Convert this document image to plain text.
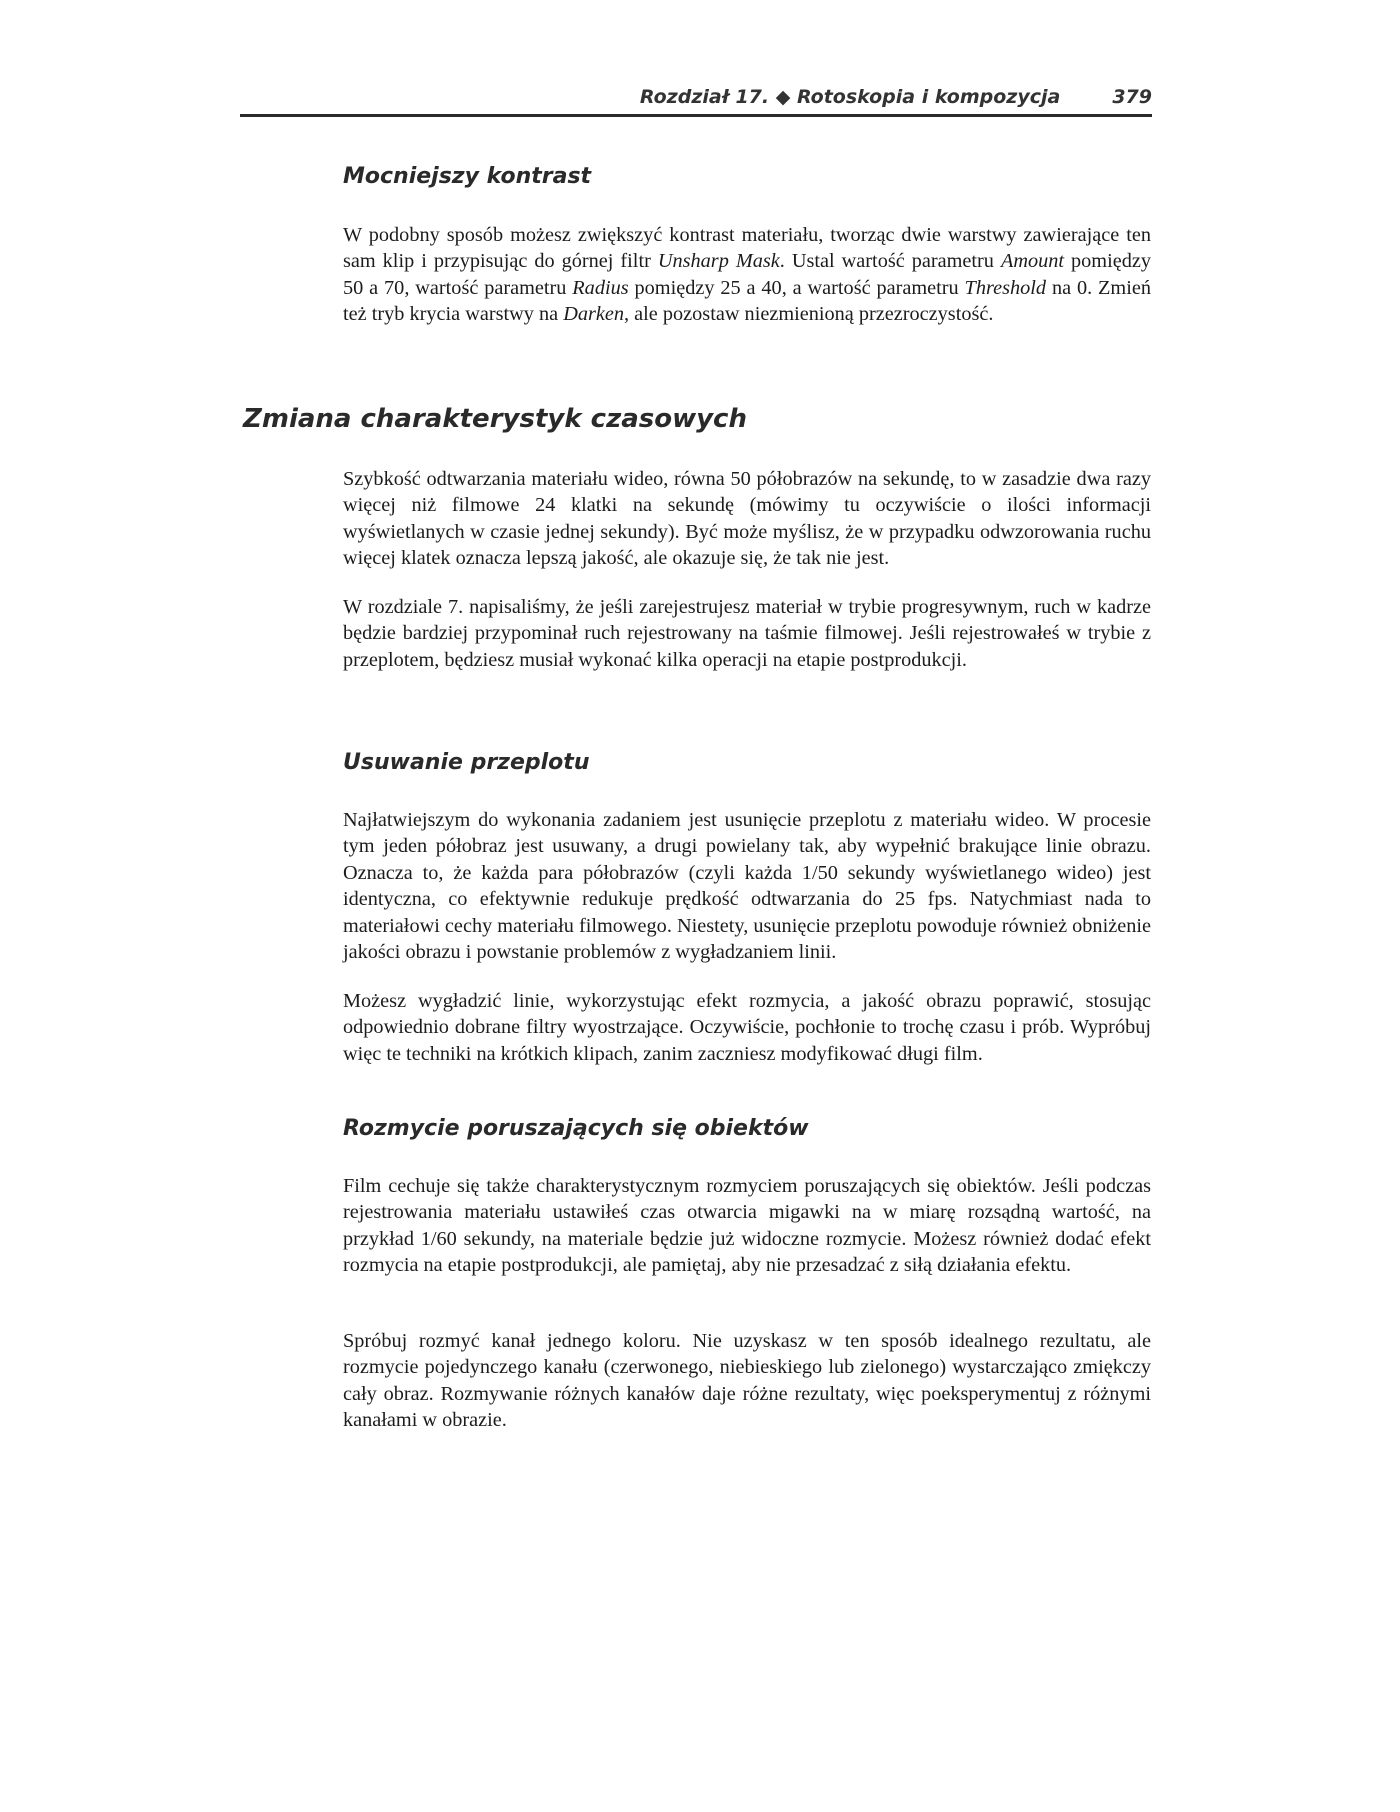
Rozdział 17. ◆ Rotoskopia i kompozycja	379
Mocniejszy kontrast

W podobny sposób możesz zwiększyć kontrast materiału, tworząc dwie warstwy zawierające ten sam klip i przypisując do górnej filtr Unsharp Mask. Ustal wartość parametru Amount pomiędzy 50 a 70, wartość parametru Radius pomiędzy 25 a 40, a wartość parametru Threshold na 0. Zmień też tryb krycia warstwy na Darken, ale pozostaw niezmienioną przezroczystość.

Zmiana charakterystyk czasowych

Szybkość odtwarzania materiału wideo, równa 50 półobrazów na sekundę, to w zasadzie dwa razy więcej niż filmowe 24 klatki na sekundę (mówimy tu oczywiście o ilości informacji wyświetlanych w czasie jednej sekundy). Być może myślisz, że w przypadku odwzorowania ruchu więcej klatek oznacza lepszą jakość, ale okazuje się, że tak nie jest.

W rozdziale 7. napisaliśmy, że jeśli zarejestrujesz materiał w trybie progresywnym, ruch w kadrze będzie bardziej przypominał ruch rejestrowany na taśmie filmowej. Jeśli rejestrowałeś w trybie z przeplotem, będziesz musiał wykonać kilka operacji na etapie postprodukcji.

Usuwanie przeplotu

Najłatwiejszym do wykonania zadaniem jest usunięcie przeplotu z materiału wideo. W procesie tym jeden półobraz jest usuwany, a drugi powielany tak, aby wypełnić brakujące linie obrazu. Oznacza to, że każda para półobrazów (czyli każda 1/50 sekundy wyświetlanego wideo) jest identyczna, co efektywnie redukuje prędkość odtwarzania do 25 fps. Natychmiast nada to materiałowi cechy materiału filmowego. Niestety, usunięcie przeplotu powoduje również obniżenie jakości obrazu i powstanie problemów z wygładzaniem linii.

Możesz wygładzić linie, wykorzystując efekt rozmycia, a jakość obrazu poprawić, stosując odpowiednio dobrane filtry wyostrzające. Oczywiście, pochłonie to trochę czasu i prób. Wypróbuj więc te techniki na krótkich klipach, zanim zaczniesz modyfikować długi film.

Rozmycie poruszających się obiektów

Film cechuje się także charakterystycznym rozmyciem poruszających się obiektów. Jeśli podczas rejestrowania materiału ustawiłeś czas otwarcia migawki na w miarę rozsądną wartość, na przykład 1/60 sekundy, na materiale będzie już widoczne rozmycie. Możesz również dodać efekt rozmycia na etapie postprodukcji, ale pamiętaj, aby nie przesadzać z siłą działania efektu.

Spróbuj rozmyć kanał jednego koloru. Nie uzyskasz w ten sposób idealnego rezultatu, ale rozmycie pojedynczego kanału (czerwonego, niebieskiego lub zielonego) wystarczająco zmiękczy cały obraz. Rozmywanie różnych kanałów daje różne rezultaty, więc poeksperymentuj z różnymi kanałami w obrazie.
